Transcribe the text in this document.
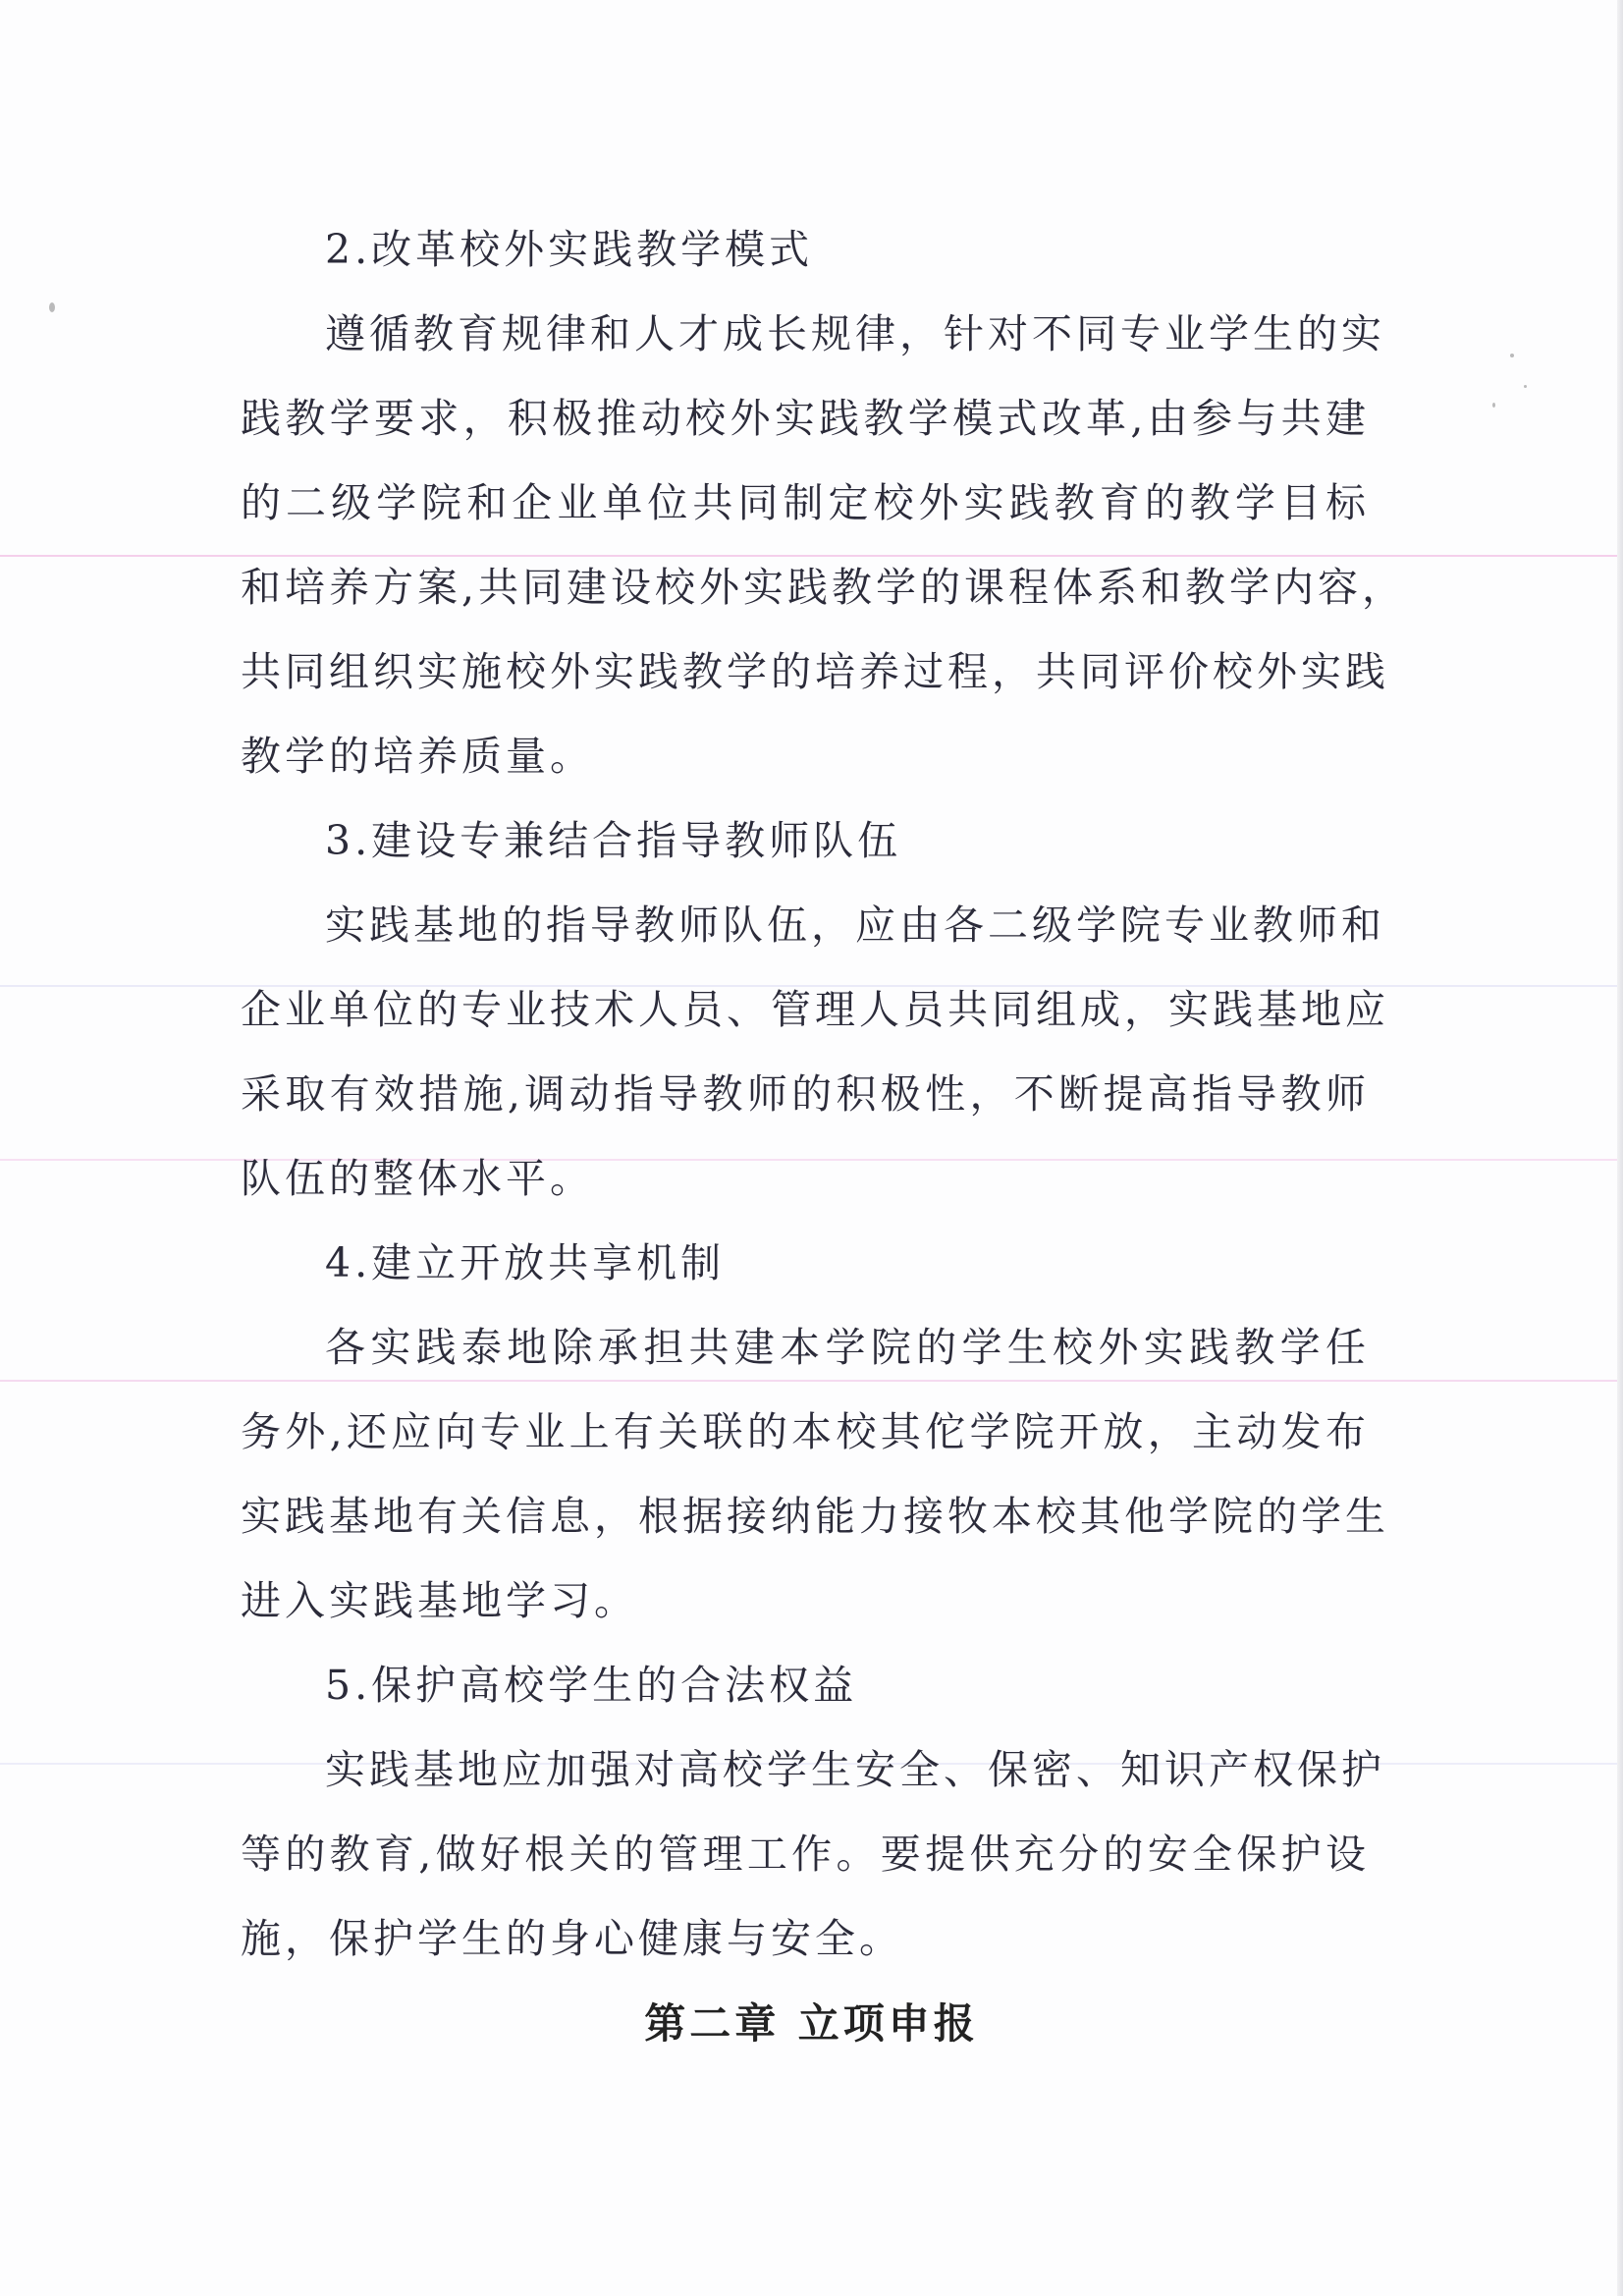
2.改革校外实践教学模式
遵循教育规律和人才成长规律，针对不同专业学生的实
践教学要求，积极推动校外实践教学模式改革,由参与共建
的二级学院和企业单位共同制定校外实践教育的教学目标
和培养方案,共同建设校外实践教学的课程体系和教学内容，
共同组织实施校外实践教学的培养过程，共同评价校外实践
教学的培养质量。
3.建设专兼结合指导教师队伍
实践基地的指导教师队伍，应由各二级学院专业教师和
企业单位的专业技术人员、管理人员共同组成，实践基地应
采取有效措施,调动指导教师的积极性，不断提高指导教师
队伍的整体水平。
4.建立开放共享机制
各实践泰地除承担共建本学院的学生校外实践教学任
务外,还应向专业上有关联的本校其佗学院开放，主动发布
实践基地有关信息，根据接纳能力接牧本校其他学院的学生
进入实践基地学习。
5.保护高校学生的合法权益
实践基地应加强对高校学生安全、保密、知识产权保护
等的教育,做好根关的管理工作。要提供充分的安全保护设
施，保护学生的身心健康与安全。
第二章 立项申报
